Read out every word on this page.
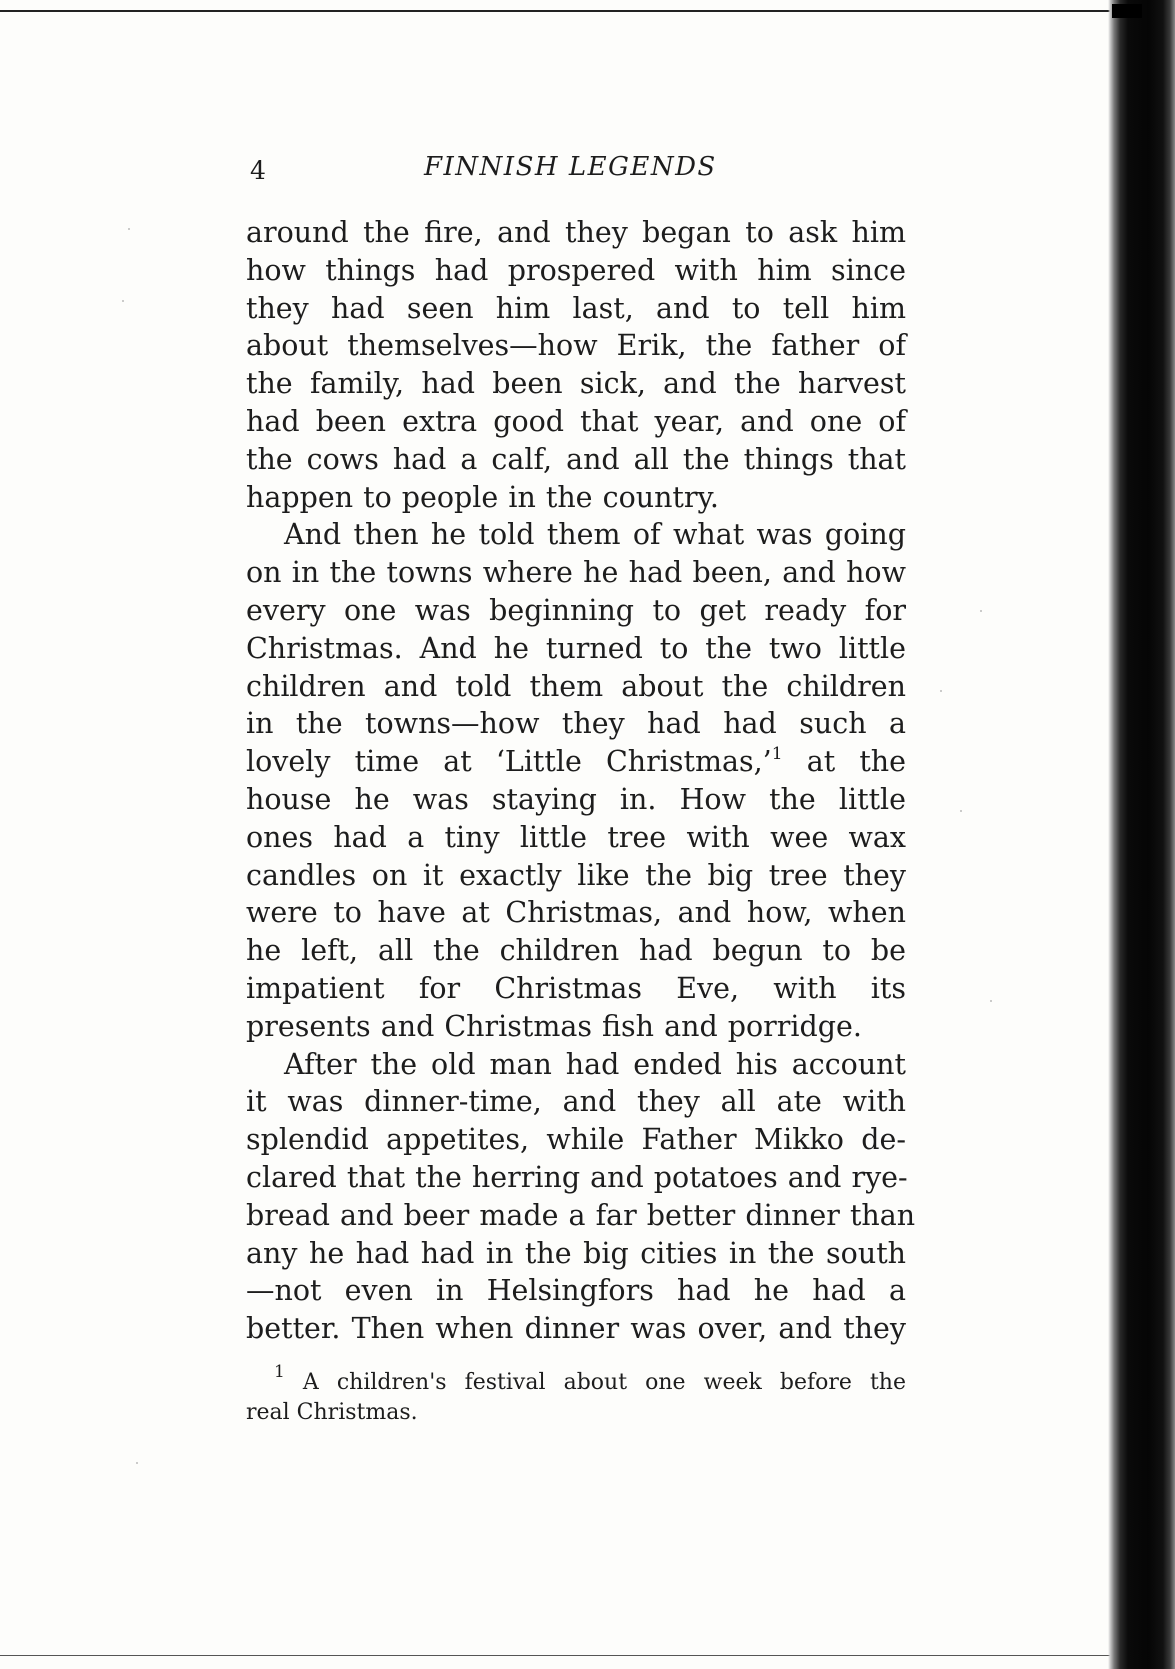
4	FINNISH LEGENDS

around the fire, and they began to ask him
how things had prospered with him since
they had seen him last, and to tell him
about themselves—how Erik, the father of
the family, had been sick, and the harvest
had been extra good that year, and one of
the cows had a calf, and all the things that
happen to people in the country.

And then he told them of what was going
on in the towns where he had been, and how
every one was beginning to get ready for
Christmas. And he turned to the two little
children and told them about the children
in the towns—how they had had such a
lovely time at ‘Little Christmas,’$^1$ at the
house he was staying in. How the little
ones had a tiny little tree with wee wax
candles on it exactly like the big tree they
were to have at Christmas, and how, when
he left, all the children had begun to be
impatient for Christmas Eve, with its
presents and Christmas fish and porridge.

After the old man had ended his account
it was dinner-time, and they all ate with
splendid appetites, while Father Mikko de-
clared that the herring and potatoes and rye-
bread and beer made a far better dinner than
any he had had in the big cities in the south
—not even in Helsingfors had he had a
better. Then when dinner was over, and they

$^1$ A children's festival about one week before the
real Christmas.
